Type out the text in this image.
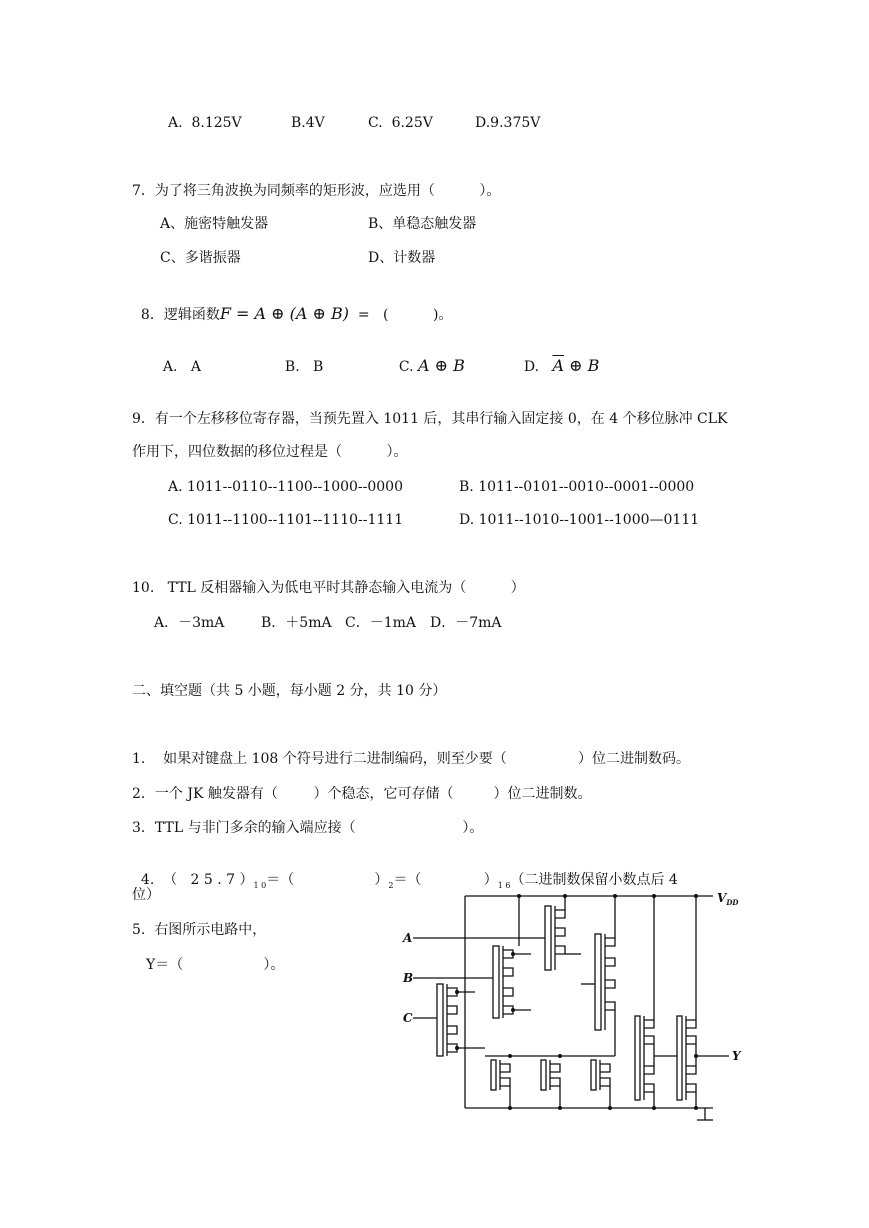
A.  8.125V	B.4V	C.  6.25V	D.9.375V
7．为了将三角波换为同频率的矩形波，应选用（          ）。
A、施密特触发器	B、单稳态触发器
C、多谐振器	D、计数器

8．逻辑函数F = A ⊕ (A ⊕ B)  =   (          )。

A. A	B. B	C. A ⊕ B	D. $\overline{A}$ ⊕ B

9．有一个左移移位寄存器，当预先置入 1011 后，其串行输入固定接 0，在 4 个移位脉冲 CLK
作用下，四位数据的移位过程是（          ）。
A. 1011--0110--1100--1000--0000	B. 1011--0101--0010--0001--0000
C. 1011--1100--1101--1110--1111	D. 1011--1010--1001--1000—0111
10.   TTL 反相器输入为低电平时其静态输入电流为（          ）
A．－3mA	B．＋5mA C．－1mA D．－7mA
二、填空题（共 5 小题，每小题 2 分，共 10 分）
1.    如果对键盘上 108 个符号进行二进制编码，则至少要（                ）位二进制数码。
2．一个 JK 触发器有（        ）个稳态，它可存储（         ）位二进制数。
3．TTL 与非门多余的输入端应接（                        ）。

4.  （   2 5 . 7 ）$_{1 0}=$（                  ）$_2=$（              ）$_{1 6}$（二进制数保留小数点后 4

位）
5.  右图所示电路中，
Y＝（                  ）。
$V_{DD}$
A
B
C
Y
